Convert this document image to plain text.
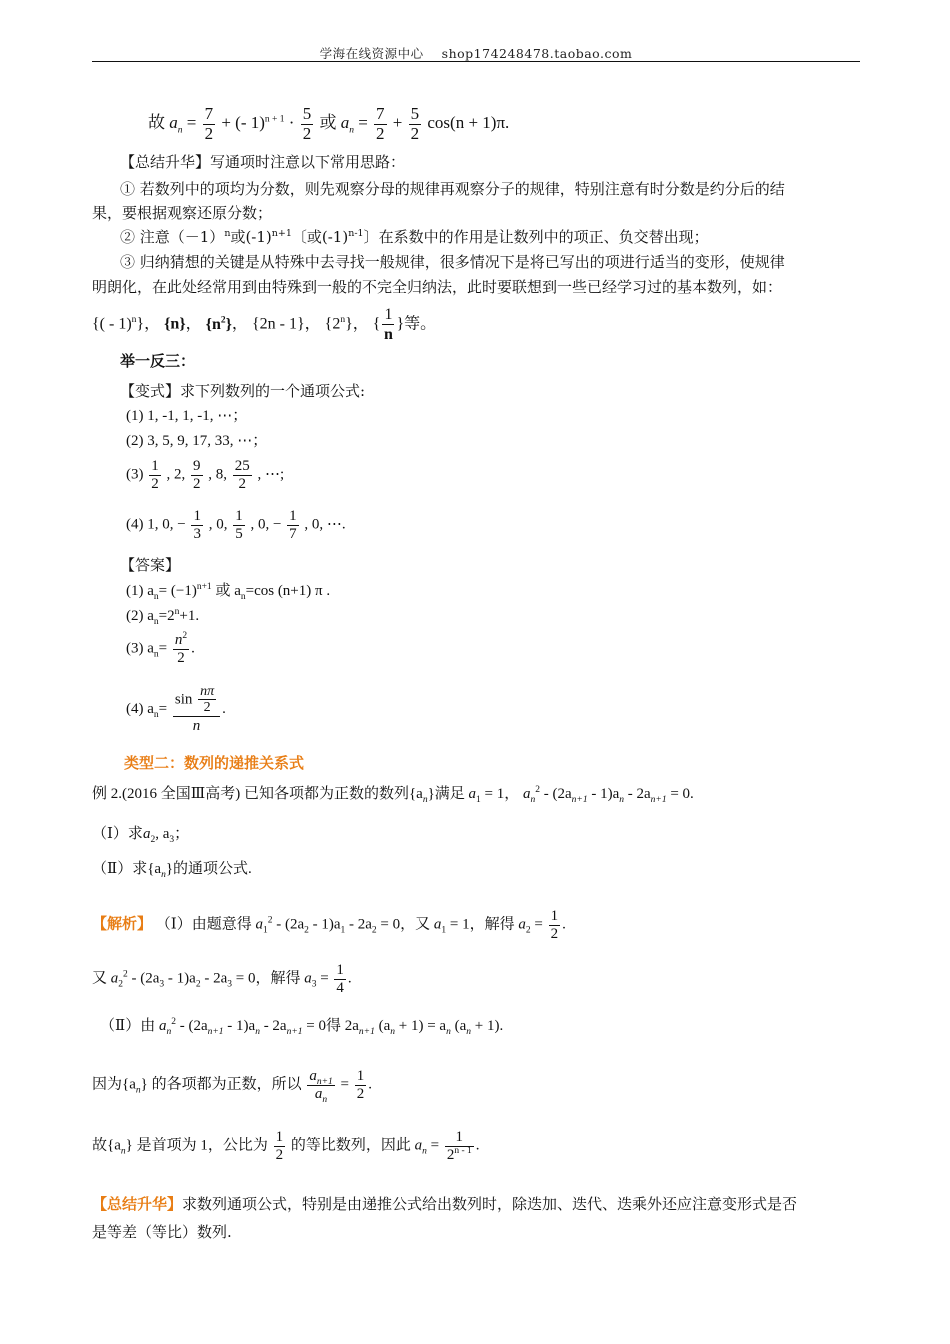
学海在线资源中心 shop174248478.taobao.com
故 $a_n = \frac{7}{2}$ + (- $1)^{n + 1} \cdot \frac{5}{2}$ 或 $a_n = \frac{7}{2} + \frac{5}{2} \cos(n + 1)\pi$.
【总结升华】写通项时注意以下常用思路：
① 若数列中的项均为分数，则先观察分母的规律再观察分子的规律，特别注意有时分数是约分后的结
果，要根据观察还原分数；
② 注意$(-1)^n$或$(-1)^{n+1}$〔或$(-1)^{n-1}$〕在系数中的作用是让数列中的项正、负交替出现；
③ 归纳猜想的关键是从特殊中去寻找一般规律，很多情况下是将已写出的项进行适当的变形，使规律
明朗化，在此处经常用到由特殊到一般的不完全归纳法，此时要联想到一些已经学习过的基本数列，如：
{( - 1)$^n$}， {n}， $\{n^2\}$， {2n - 1}， {2$^n$}， { $\frac{1}{n}$ }等。
举一反三：
【变式】求下列数列的一个通项公式:
(1) 1, -1, 1, -1, ⋯；
(2) 3, 5, 9, 17, 33, ⋯；
$(3) \frac{1}{2}$ , 2, $\frac{9}{2}$ , 8, $\frac{25}{2}$ , ⋯;
(4) 1, 0, − $\frac{1}{3}$ , 0, $\frac{1}{5}$ , 0, − $\frac{1}{7}$ , 0, ⋯.
【答案】
(1) $a_n= (-1)^{n+1}$ 或 $a_n=\cos$ (n+1) π .
(2) $a_n=2^n+1$.
(3) $a_n= \frac{n^2}{2}$ .
(4) $a_n= \frac{\sin \frac{n\pi}{2}}{n}$ .
类型二：数列的递推关系式
例 2.(2016 全国Ⅲ高考) 已知各项都为正数的数列$\{a_n\}$满足 $a_1 = 1$， $a_n^2 - (2a_{n+1} - 1)a_n - 2a_{n+1} = 0$.
（Ⅰ）求$a_2$, $a_3$；
（Ⅱ）求$\{a_n\}$的通项公式.
【解析】 （Ⅰ）由题意得 $a_1^2 - (2a_2 - 1)a_1 - 2a_2 = 0$，又 $a_1 = 1$，解得 $a_2 = \frac{1}{2}$ .
又 $a_2^2 - (2a_3 - 1)a_2 - 2a_3 = 0$，解得 $a_3 = \frac{1}{4}$ .
（Ⅱ）由 $a_n^2 - (2a_{n+1} - 1)a_n - 2a_{n+1} = 0$得 $2a_{n+1}$ $(a_n + 1) = a_n$ $(a_n + 1)$.
因为$\{a_n\}$ 的各项都为正数，所以 $\frac{a_{n+1}}{a_n} = \frac{1}{2}$ .
故$\{a_n\}$ 是首项为 1，公比为 $\frac{1}{2}$ 的等比数列，因此 $a_n = \frac{1}{2^{n - 1}}$ .
【总结升华】求数列通项公式，特别是由递推公式给出数列时，除迭加、迭代、迭乘外还应注意变形式是否
是等差（等比）数列.
